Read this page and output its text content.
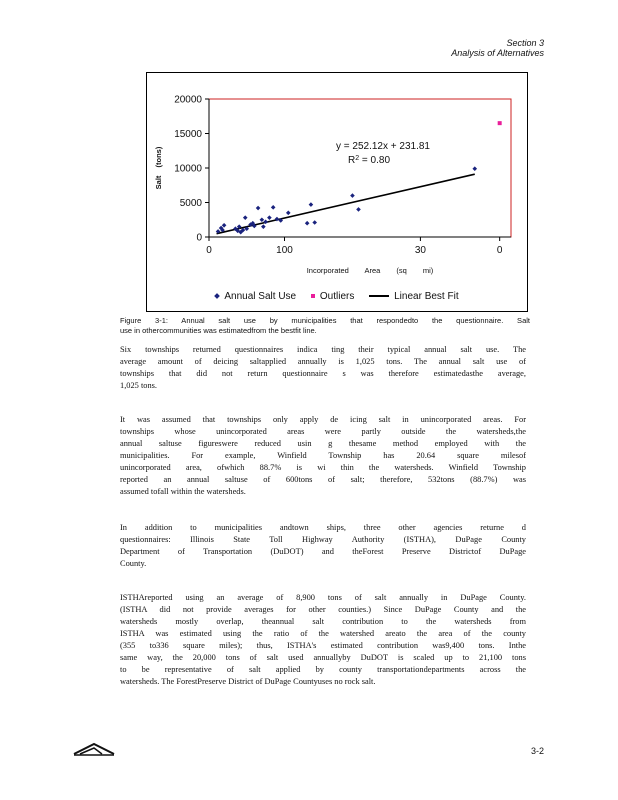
Section 3
Analysis of Alternatives
0
5000
10000
15000
20000
0	100	30	0
Salt (tons)
Incorporated Area (sq mi)
y = 252.12x + 231.81
$R^2 = 0.80$
Annual Salt Use Outliers	Linear Best Fit
Figure 3-1: Annual salt use by municipalities that respondedto the questionnaire. Salt
use in othercommunities was estimatedfrom the bestfit line.
Six townships returned questionnaires indica ting their typical annual salt use. The
average amount of deicing saltapplied annually is 1,025 tons. The annual salt use of
townships that did not return questionnaire s was therefore estimatedasthe average,
1,025 tons.
It was assumed that townships only apply de icing salt in unincorporated areas. For
townships whose unincorporated areas were partly outside the watersheds,the
annual saltuse figureswere reduced usin g thesame method employed with the
municipalities. For example, Winfield Township has 20.64 square milesof
unincorporated area, ofwhich 88.7% is wi thin the watersheds. Winfield Township
reported an annual saltuse of 600tons of salt; therefore, 532tons (88.7%) was
assumed tofall within the watersheds.
In addition to municipalities andtown ships, three other agencies returne d
questionnaires: Illinois State Toll Highway Authority (ISTHA), DuPage County
Department of Transportation (DuDOT) and theForest Preserve Districtof DuPage
County.
ISTHAreported using an average of 8,900 tons of salt annually in DuPage County.
(ISTHA did not provide averages for other counties.) Since DuPage County and the
watersheds mostly overlap, theannual salt contribution to the watersheds from
ISTHA was estimated using the ratio of the watershed areato the area of the county
(355 to336 square miles); thus, ISTHA's estimated contribution was9,400 tons. Inthe
same way, the 20,000 tons of salt used annuallyby DuDOT is scaled up to 21,100 tons
to be representative of salt applied by county transportationdepartments across the
watersheds. The ForestPreserve District of DuPage Countyuses no rock salt.
3-2
